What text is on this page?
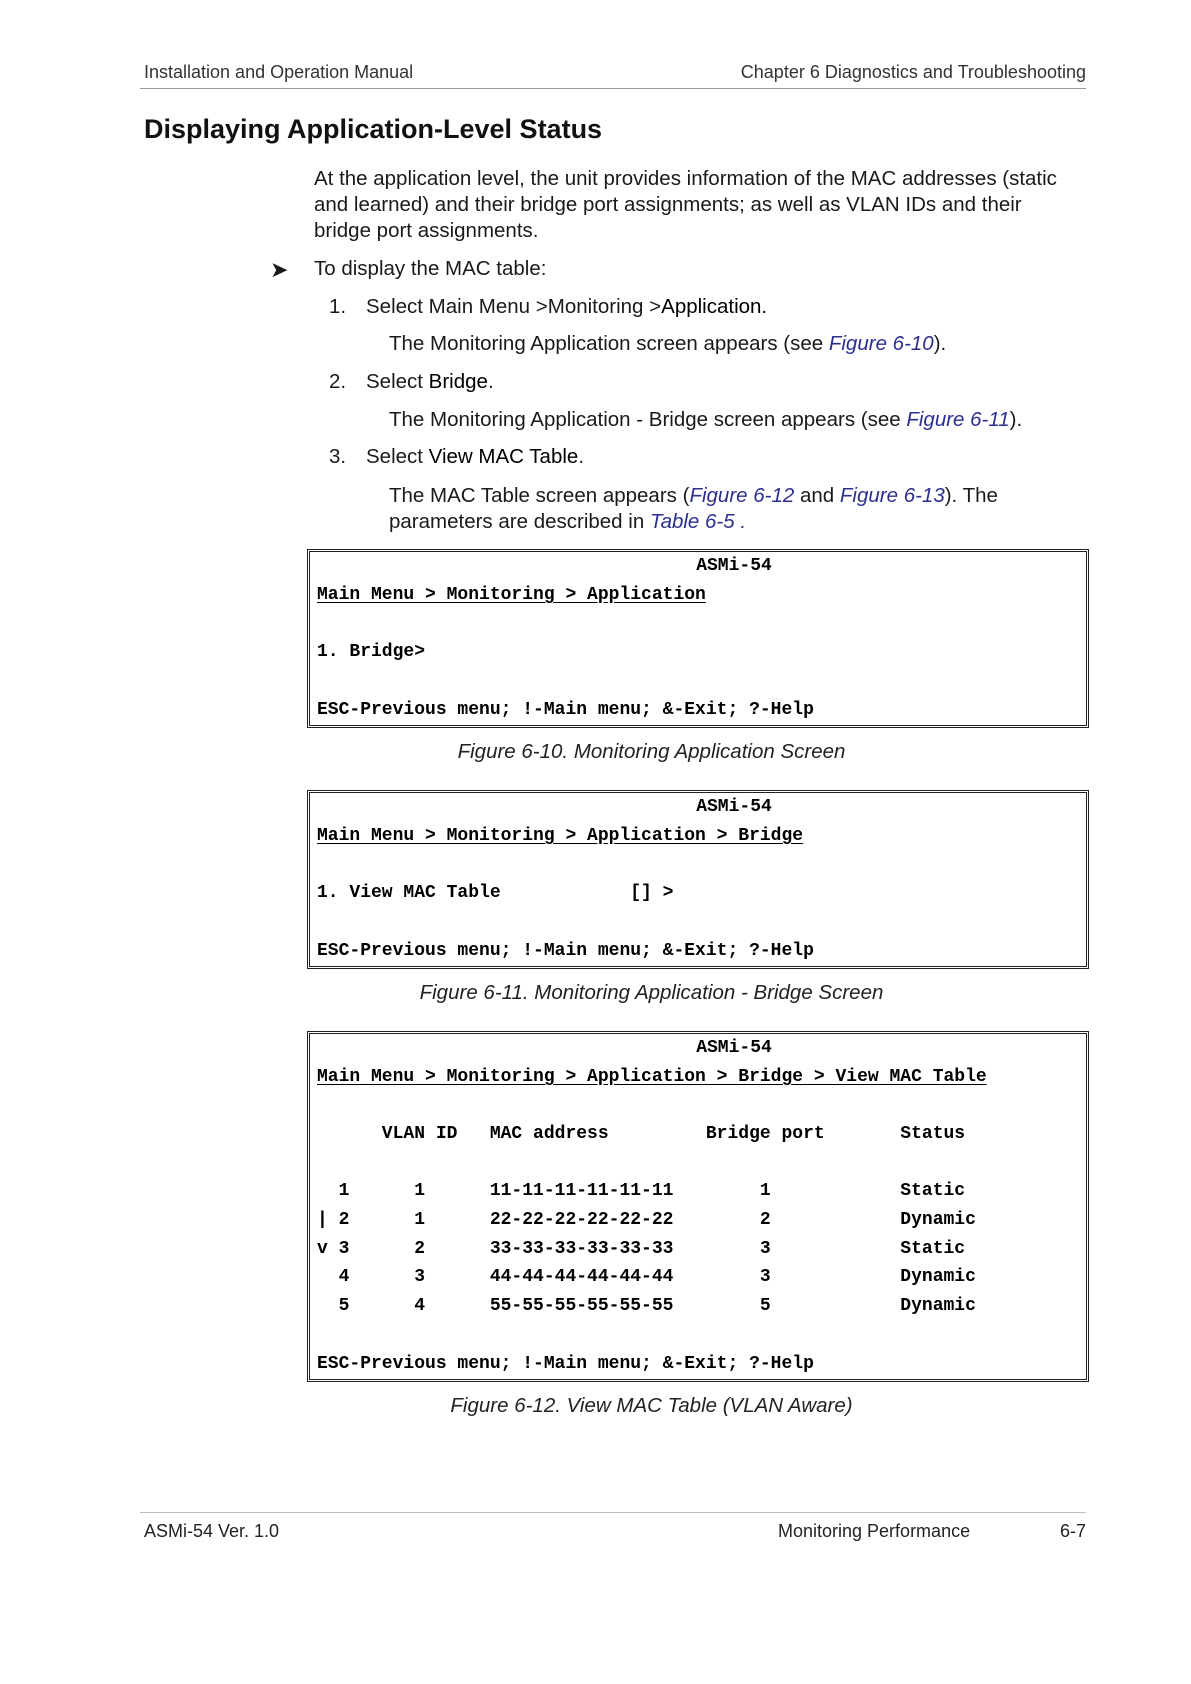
Installation and Operation Manual	Chapter 6 Diagnostics and Troubleshooting
Displaying Application-Level Status
At the application level, the unit provides information of the MAC addresses (static and learned) and their bridge port assignments; as well as VLAN IDs and their bridge port assignments.
➤ To display the MAC table:
1. Select Main Menu >Monitoring >Application.
The Monitoring Application screen appears (see Figure 6-10).
2. Select Bridge.
The Monitoring Application - Bridge screen appears (see Figure 6-11).
3. Select View MAC Table.
The MAC Table screen appears (Figure 6-12 and Figure 6-13). The
parameters are described in Table 6-5 .
ASMi-54
Main Menu > Monitoring > Application
1. Bridge>
ESC-Previous menu; !-Main menu; &-Exit; ?-Help
Figure 6-10. Monitoring Application Screen
ASMi-54
Main Menu > Monitoring > Application > Bridge
1. View MAC Table            [] >
ESC-Previous menu; !-Main menu; &-Exit; ?-Help
Figure 6-11. Monitoring Application - Bridge Screen
ASMi-54
Main Menu > Monitoring > Application > Bridge > View MAC Table
VLAN ID   MAC address         Bridge port       Status
1      1      11-11-11-11-11-11        1            Static
| 2      1      22-22-22-22-22-22        2            Dynamic
v 3      2      33-33-33-33-33-33        3            Static
4      3      44-44-44-44-44-44        3            Dynamic
5      4      55-55-55-55-55-55        5            Dynamic
ESC-Previous menu; !-Main menu; &-Exit; ?-Help
Figure 6-12. View MAC Table (VLAN Aware)
ASMi-54 Ver. 1.0	Monitoring Performance	6-7
